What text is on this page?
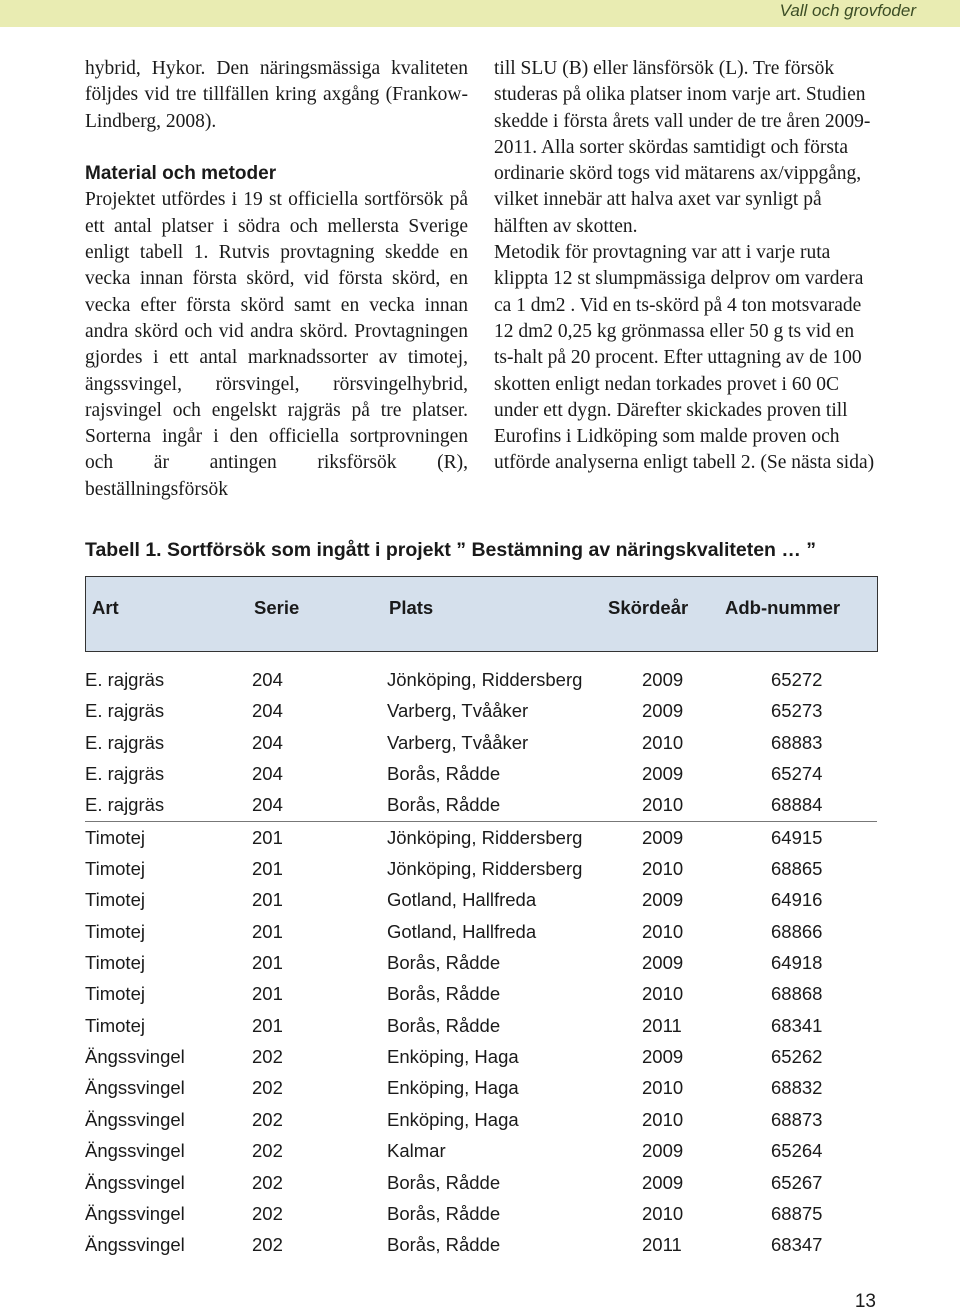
Vall och grovfoder

hybrid, Hykor. Den näringsmässiga kvaliteten följdes vid tre tillfällen kring axgång (Frankow-Lindberg, 2008).

Material och metoder

Projektet utfördes i 19 st officiella sortförsök på ett antal platser i södra och mellersta Sverige enligt tabell 1. Rutvis provtagning skedde en vecka innan första skörd, vid första skörd, en vecka efter första skörd samt en vecka innan andra skörd och vid andra skörd. Provtagningen gjordes i ett antal marknadssorter av timotej, ängssvingel, rörsvingel, rörsvingelhybrid, rajsvingel och engelskt rajgräs på tre platser. Sorterna ingår i den officiella sortprovningen och är antingen riksförsök (R), beställningsförsök

till SLU (B) eller länsförsök (L). Tre försök studeras på olika platser inom varje art. Studien skedde i första årets vall under de tre åren 2009-2011. Alla sorter skördas samtidigt och första ordinarie skörd togs vid mätarens ax/vippgång, vilket innebär att halva axet var synligt på hälften av skotten.

Metodik för provtagning var att i varje ruta klippta 12 st slumpmässiga delprov om vardera ca 1 dm2 . Vid en ts-skörd på 4 ton motsvarade 12 dm2 0,25 kg grönmassa eller 50 g ts vid en ts-halt på 20 procent. Efter uttagning av de 100 skotten enligt nedan torkades provet i 60 0C under ett dygn. Därefter skickades proven till Eurofins i Lidköping som malde proven och utförde analyserna enligt tabell 2. (Se nästa sida)

Tabell 1. Sortförsök som ingått i projekt ” Bestämning av näringskvaliteten … ”
Art	Serie	Plats	Skördeår Adb-nummer
E. rajgräs	204	Jönköping, Riddersberg	2009	65272
E. rajgräs	204	Varberg, Tvååker	2009	65273
E. rajgräs	204	Varberg, Tvååker	2010	68883
E. rajgräs	204	Borås, Rådde	2009	65274
E. rajgräs	204	Borås, Rådde	2010	68884
Timotej	201	Jönköping, Riddersberg	2009	64915
Timotej	201	Jönköping, Riddersberg	2010	68865
Timotej	201	Gotland, Hallfreda	2009	64916
Timotej	201	Gotland, Hallfreda	2010	68866
Timotej	201	Borås, Rådde	2009	64918
Timotej	201	Borås, Rådde	2010	68868
Timotej	201	Borås, Rådde	2011	68341
Ängssvingel	202	Enköping, Haga	2009	65262
Ängssvingel	202	Enköping, Haga	2010	68832
Ängssvingel	202	Enköping, Haga	2010	68873
Ängssvingel	202	Kalmar	2009	65264
Ängssvingel	202	Borås, Rådde	2009	65267
Ängssvingel	202	Borås, Rådde	2010	68875
Ängssvingel	202	Borås, Rådde	2011	68347
13
